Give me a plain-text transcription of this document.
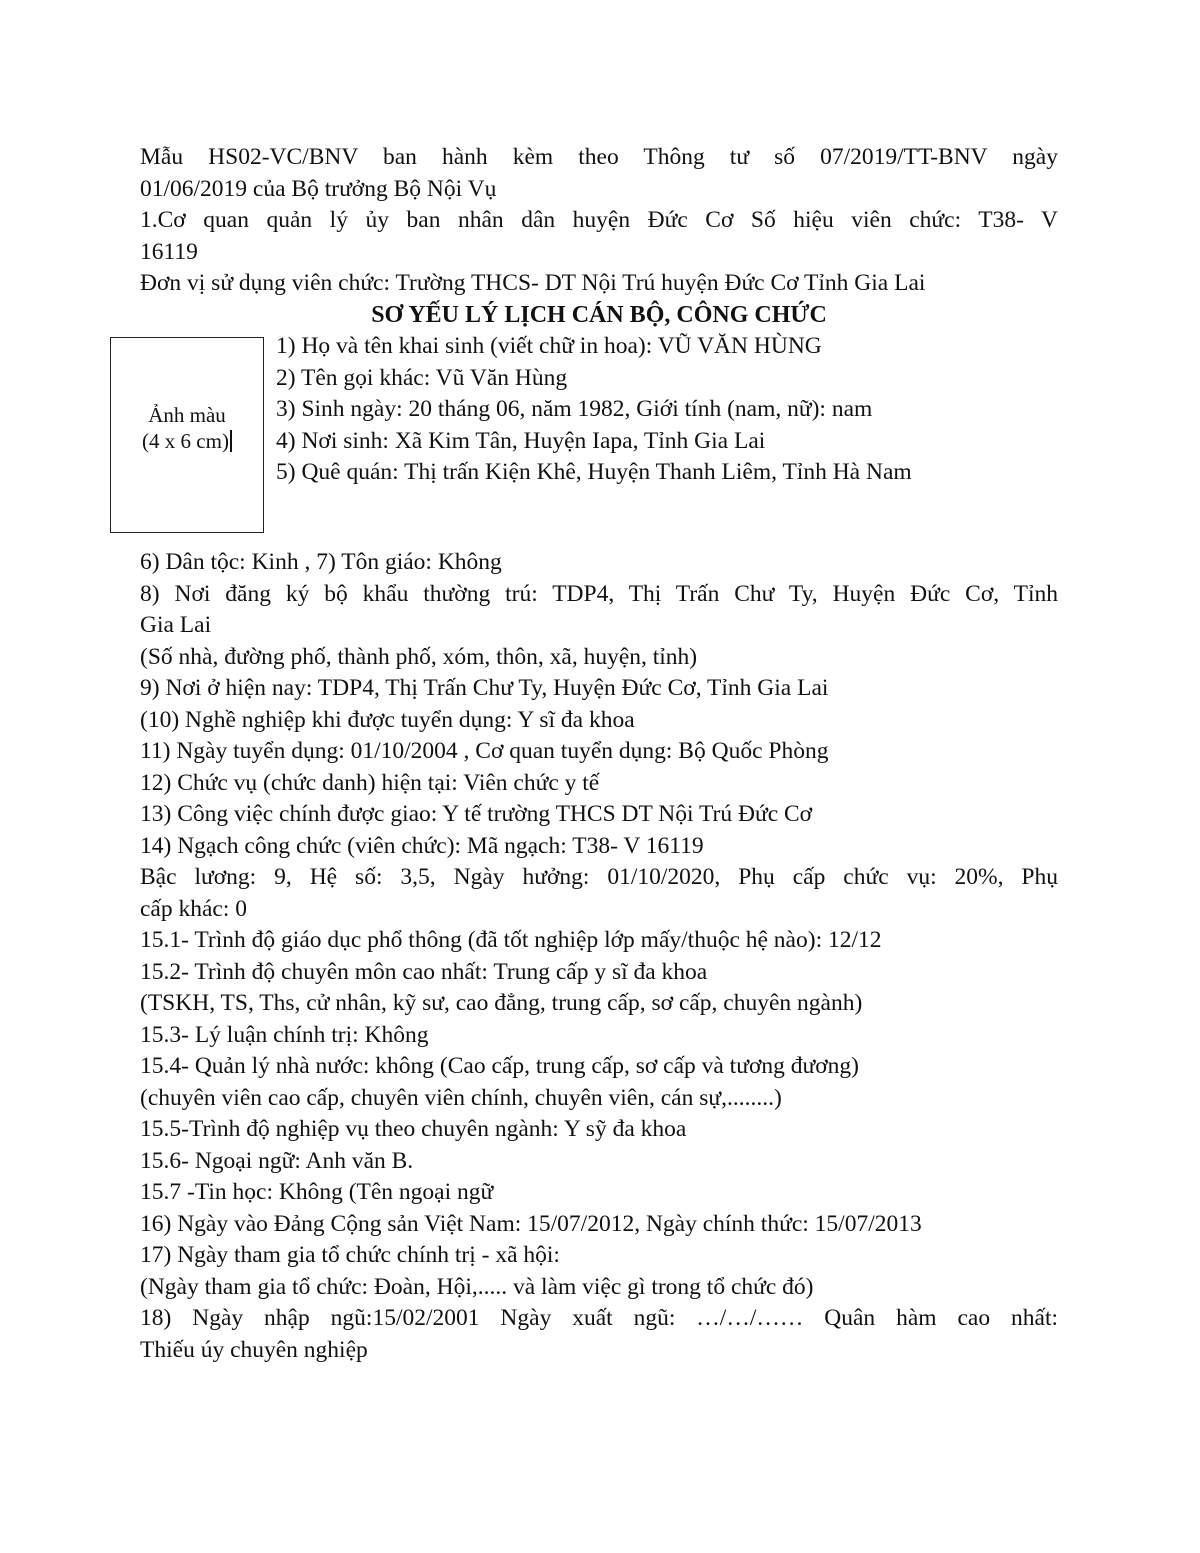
Mẫu HS02-VC/BNV ban hành kèm theo Thông tư số 07/2019/TT-BNV ngày
01/06/2019 của Bộ trưởng Bộ Nội Vụ
1.Cơ quan quản lý ủy ban nhân dân huyện Đức Cơ Số hiệu viên chức: T38- V
16119
Đơn vị sử dụng viên chức: Trường THCS- DT Nội Trú huyện Đức Cơ Tỉnh Gia Lai
SƠ YẾU LÝ LỊCH CÁN BỘ, CÔNG CHỨC
Ảnh màu
(4 x 6 cm)
1) Họ và tên khai sinh (viết chữ in hoa): VŨ VĂN HÙNG
2) Tên gọi khác: Vũ Văn Hùng
3) Sinh ngày: 20 tháng 06, năm 1982, Giới tính (nam, nữ): nam
4) Nơi sinh: Xã Kim Tân, Huyện Iapa, Tỉnh Gia Lai
5) Quê quán: Thị trấn Kiện Khê, Huyện Thanh Liêm, Tỉnh Hà Nam
6) Dân tộc: Kinh , 7) Tôn giáo: Không
8) Nơi đăng ký bộ khẩu thường trú: TDP4, Thị Trấn Chư Ty, Huyện Đức Cơ, Tỉnh
Gia Lai
(Số nhà, đường phố, thành phố, xóm, thôn, xã, huyện, tỉnh)
9) Nơi ở hiện nay: TDP4, Thị Trấn Chư Ty, Huyện Đức Cơ, Tỉnh Gia Lai
(10) Nghề nghiệp khi được tuyển dụng: Y sĩ đa khoa
11) Ngày tuyển dụng: 01/10/2004 , Cơ quan tuyển dụng: Bộ Quốc Phòng
12) Chức vụ (chức danh) hiện tại: Viên chức y tế
13) Công việc chính được giao: Y tế trường THCS DT Nội Trú Đức Cơ
14) Ngạch công chức (viên chức): Mã ngạch: T38- V 16119
Bậc lương: 9, Hệ số: 3,5, Ngày hưởng: 01/10/2020, Phụ cấp chức vụ: 20%, Phụ
cấp khác: 0
15.1- Trình độ giáo dục phổ thông (đã tốt nghiệp lớp mấy/thuộc hệ nào): 12/12
15.2- Trình độ chuyên môn cao nhất: Trung cấp y sĩ đa khoa
(TSKH, TS, Ths, cử nhân, kỹ sư, cao đẳng, trung cấp, sơ cấp, chuyên ngành)
15.3- Lý luận chính trị: Không
15.4- Quản lý nhà nước: không (Cao cấp, trung cấp, sơ cấp và tương đương)
(chuyên viên cao cấp, chuyên viên chính, chuyên viên, cán sự,........)
15.5-Trình độ nghiệp vụ theo chuyên ngành: Y sỹ đa khoa
15.6- Ngoại ngữ: Anh văn B.
15.7 -Tin học: Không (Tên ngoại ngữ
16) Ngày vào Đảng Cộng sản Việt Nam: 15/07/2012, Ngày chính thức: 15/07/2013
17) Ngày tham gia tổ chức chính trị - xã hội:
(Ngày tham gia tổ chức: Đoàn, Hội,..... và làm việc gì trong tổ chức đó)
18) Ngày nhập ngũ:15/02/2001 Ngày xuất ngũ: …/…/…… Quân hàm cao nhất:
Thiếu úy chuyên nghiệp
